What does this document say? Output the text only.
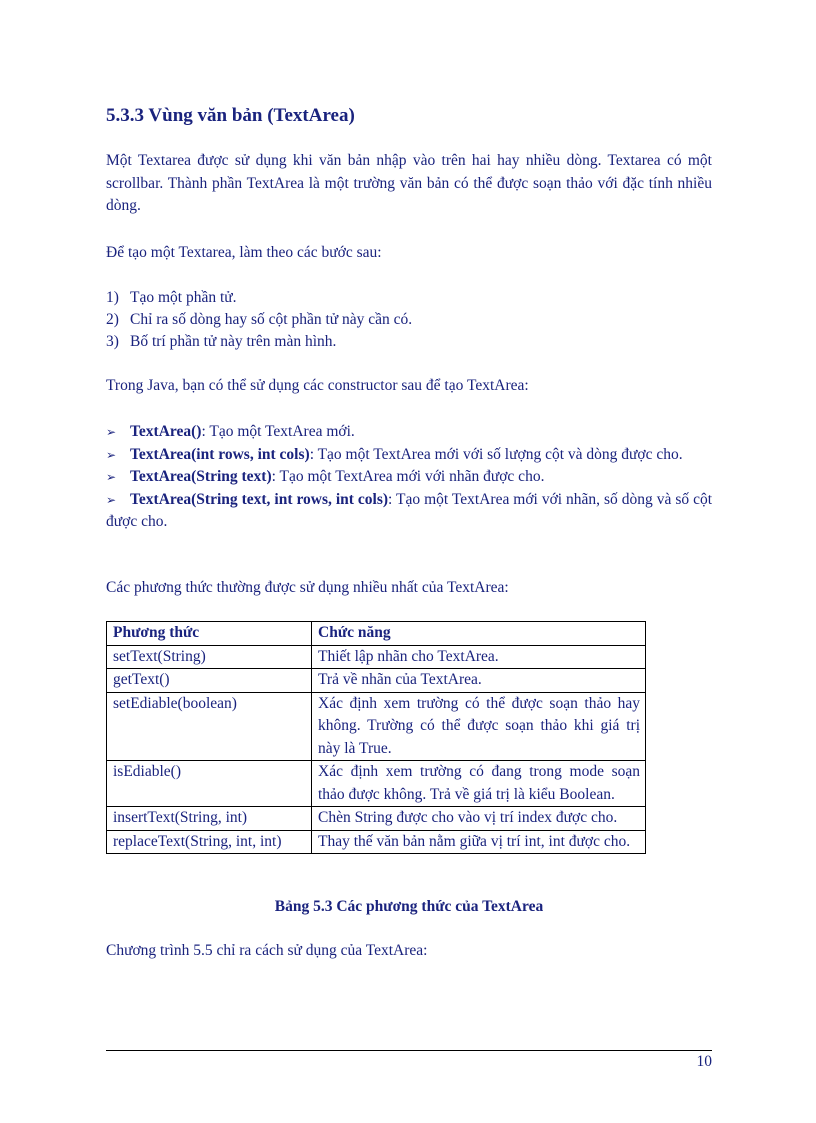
5.3.3 Vùng văn bản (TextArea)

Một Textarea được sử dụng khi văn bản nhập vào trên hai hay nhiều dòng. Textarea có một scrollbar. Thành phần TextArea là một trường văn bản có thể được soạn thảo với đặc tính nhiều dòng.

Để tạo một Textarea, làm theo các bước sau:

1) Tạo một phần tử.
2) Chỉ ra số dòng hay số cột phần tử này cần có.
3) Bố trí phần tử này trên màn hình.

Trong Java, bạn có thể sử dụng các constructor sau để tạo TextArea:

➢ TextArea(): Tạo một TextArea mới.
➢ TextArea(int rows, int cols): Tạo một TextArea mới với số lượng cột và dòng được cho.
➢ TextArea(String text): Tạo một TextArea mới với nhãn được cho.
➢ TextArea(String text, int rows, int cols): Tạo một TextArea mới với nhãn, số dòng và số cột được cho.

Các phương thức thường được sử dụng nhiều nhất của TextArea:

Phương thức	Chức năng
setText(String)	Thiết lập nhãn cho TextArea.
getText()	Trả về nhãn của TextArea.
setEdiable(boolean)	Xác định xem trường có thể được soạn thảo hay không. Trường có thể được soạn thảo khi giá trị này là True.
isEdiable()	Xác định xem trường có đang trong mode soạn thảo được không. Trả về giá trị là kiểu Boolean.
insertText(String, int)	Chèn String được cho vào vị trí index được cho.
replaceText(String, int, int)	Thay thế văn bản nằm giữa vị trí int, int được cho.
Bảng 5.3 Các phương thức của TextArea

Chương trình 5.5 chỉ ra cách sử dụng của TextArea:

10
